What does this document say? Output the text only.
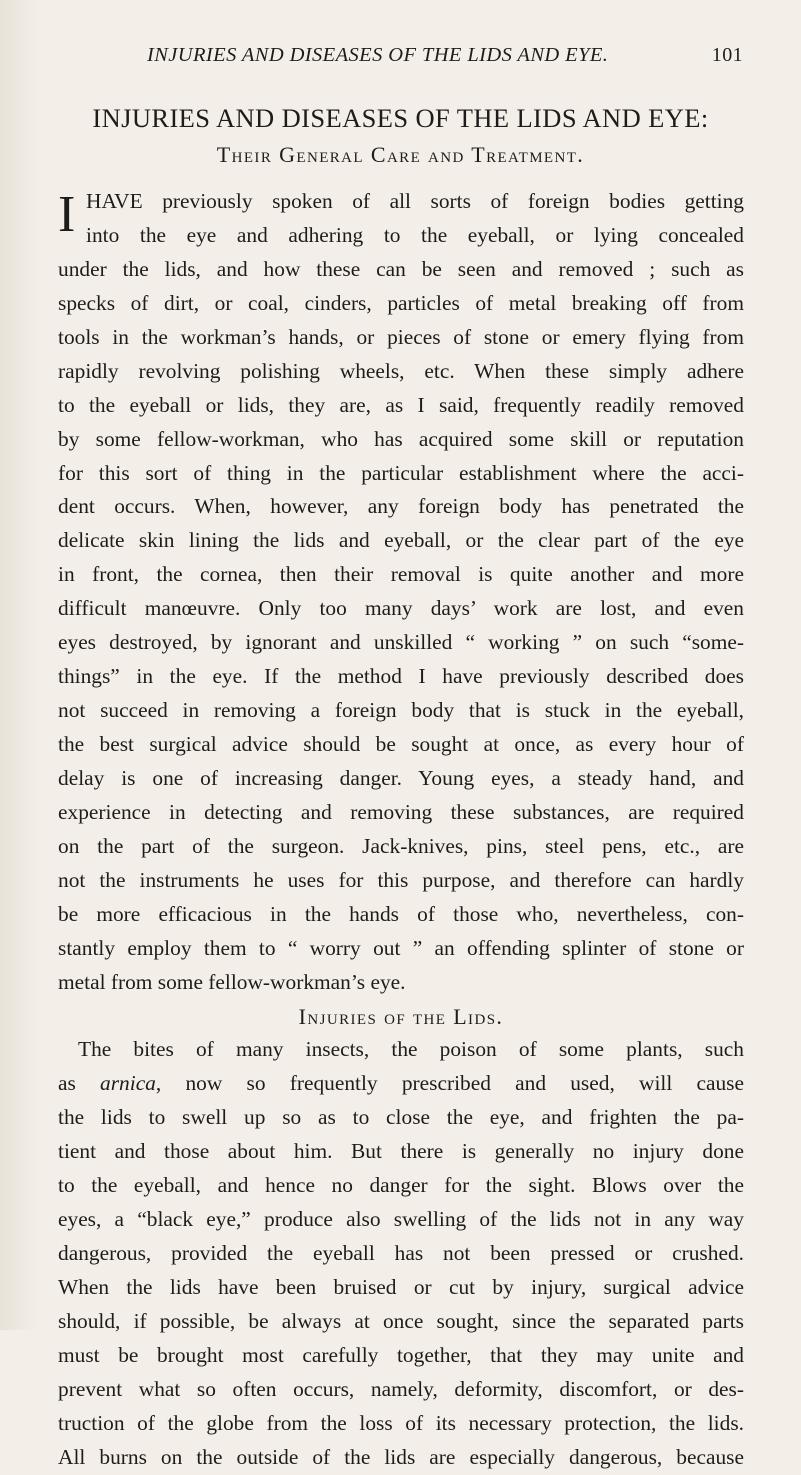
INJURIES AND DISEASES OF THE LIDS AND EYE.	101
INJURIES AND DISEASES OF THE LIDS AND EYE:
Their General Care and Treatment.
I HAVE previously spoken of all sorts of foreign bodies getting
into the eye and adhering to the eyeball, or lying concealed
under the lids, and how these can be seen and removed ; such as
specks of dirt, or coal, cinders, particles of metal breaking off from
tools in the workman’s hands, or pieces of stone or emery flying from
rapidly revolving polishing wheels, etc. When these simply adhere
to the eyeball or lids, they are, as I said, frequently readily removed
by some fellow-workman, who has acquired some skill or reputation
for this sort of thing in the particular establishment where the acci-
dent occurs. When, however, any foreign body has penetrated the
delicate skin lining the lids and eyeball, or the clear part of the eye
in front, the cornea, then their removal is quite another and more
difficult manœuvre. Only too many days’ work are lost, and even
eyes destroyed, by ignorant and unskilled “ working ” on such “some-
things” in the eye. If the method I have previously described does
not succeed in removing a foreign body that is stuck in the eyeball,
the best surgical advice should be sought at once, as every hour of
delay is one of increasing danger. Young eyes, a steady hand, and
experience in detecting and removing these substances, are required
on the part of the surgeon. Jack-knives, pins, steel pens, etc., are
not the instruments he uses for this purpose, and therefore can hardly
be more efficacious in the hands of those who, nevertheless, con-
stantly employ them to “ worry out ” an offending splinter of stone or
metal from some fellow-workman’s eye.
Injuries of the Lids.
The bites of many insects, the poison of some plants, such
as arnica, now so frequently prescribed and used, will cause
the lids to swell up so as to close the eye, and frighten the pa-
tient and those about him. But there is generally no injury done
to the eyeball, and hence no danger for the sight. Blows over the
eyes, a “black eye,” produce also swelling of the lids not in any way
dangerous, provided the eyeball has not been pressed or crushed.
When the lids have been bruised or cut by injury, surgical advice
should, if possible, be always at once sought, since the separated parts
must be brought most carefully together, that they may unite and
prevent what so often occurs, namely, deformity, discomfort, or des-
truction of the globe from the loss of its necessary protection, the lids.
All burns on the outside of the lids are especially dangerous, because
